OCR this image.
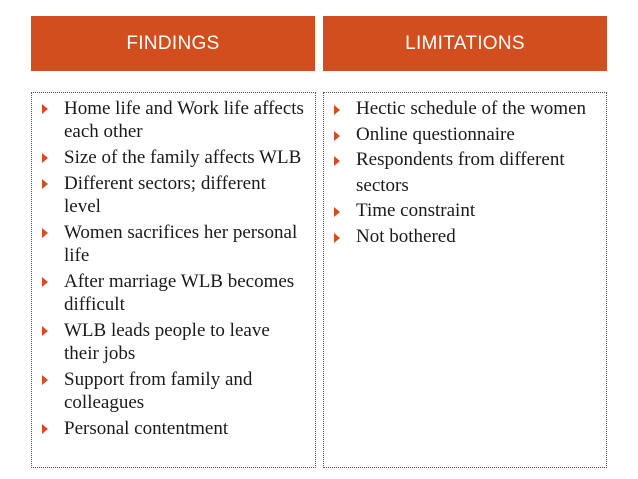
FINDINGS	LIMITATIONS
Home life and Work life affects each other
Size of the family affects WLB
Different sectors; different level
Women sacrifices her personal life
After marriage WLB becomes difficult
WLB leads people to leave their jobs
Support from family and colleagues
Personal contentment
Hectic schedule of the women
Online questionnaire
Respondents from different sectors
Time constraint
Not bothered
